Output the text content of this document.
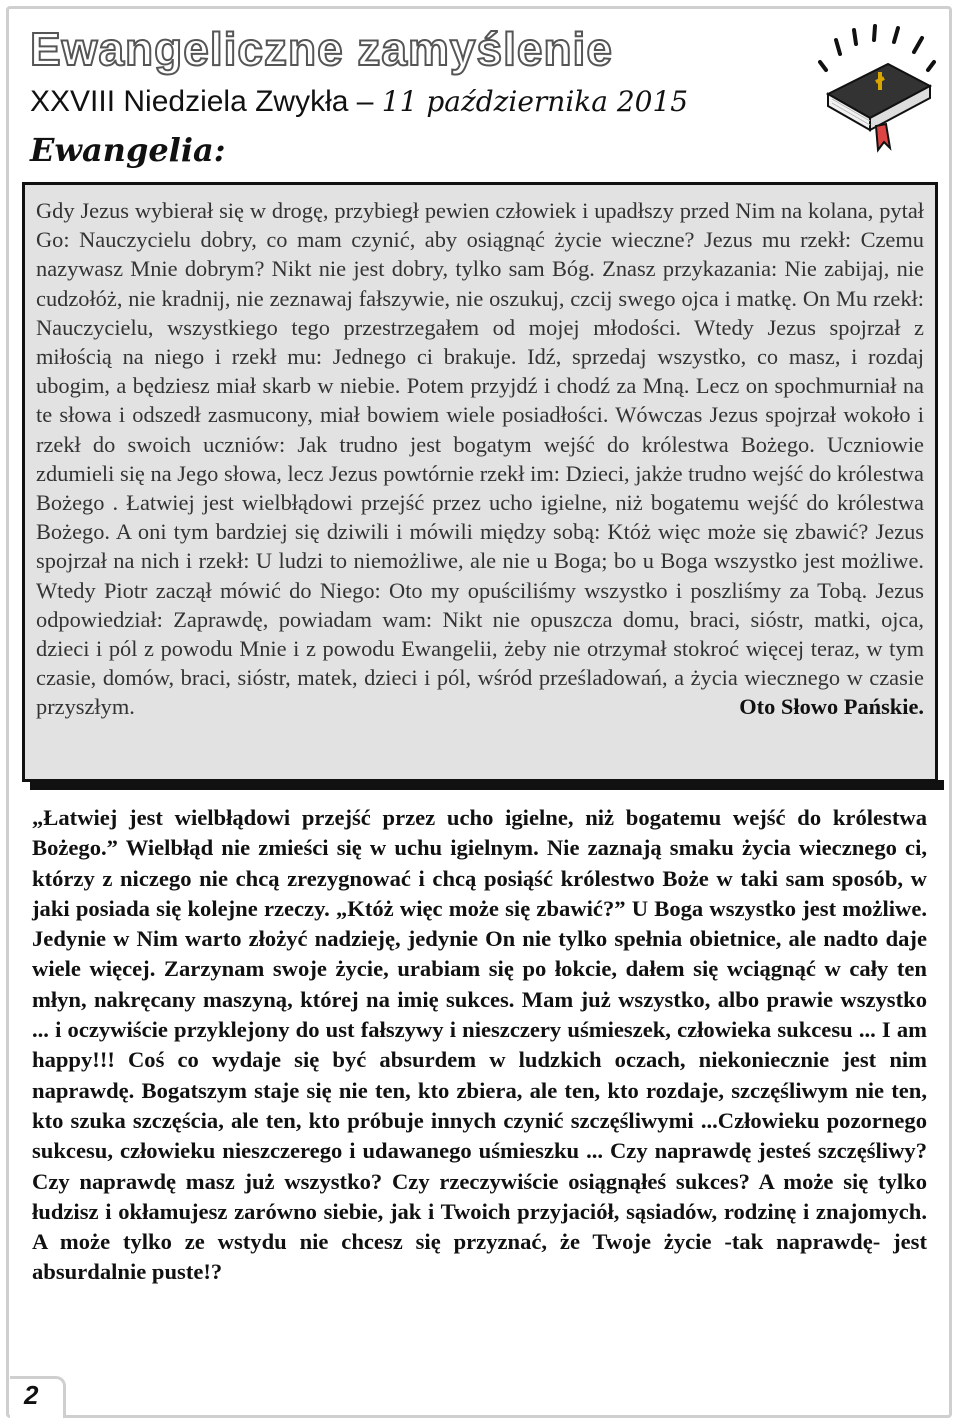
Ewangeliczne zamyślenie
XXVIII Niedziela Zwykła – 11 października 2015
Ewangelia:

Gdy Jezus wybierał się w drogę, przybiegł pewien człowiek i upadłszy przed Nim na kolana, pytał Go: Nauczycielu dobry, co mam czynić, aby osiągnąć życie wieczne? Jezus mu rzekł: Czemu nazywasz Mnie dobrym? Nikt nie jest dobry, tylko sam Bóg. Znasz przykazania: Nie zabijaj, nie cudzołóż, nie kradnij, nie zeznawaj fałszywie, nie oszukuj, czcij swego ojca i matkę. On Mu rzekł: Nauczycielu, wszystkiego tego przestrzegałem od mojej młodości. Wtedy Jezus spojrzał z miłością na niego i rzekł mu: Jednego ci brakuje. Idź, sprzedaj wszystko, co masz, i rozdaj ubogim, a będziesz miał skarb w niebie. Potem przyjdź i chodź za Mną. Lecz on spochmurniał na te słowa i odszedł zasmucony, miał bowiem wiele posiadłości. Wówczas Jezus spojrzał wokoło i rzekł do swoich uczniów: Jak trudno jest bogatym wejść do królestwa Bożego. Uczniowie zdumieli się na Jego słowa, lecz Jezus powtórnie rzekł im: Dzieci, jakże trudno wejść do królestwa Bożego . Łatwiej jest wielbłądowi przejść przez ucho igielne, niż bogatemu wejść do królestwa Bożego. A oni tym bardziej się dziwili i mówili między sobą: Któż więc może się zbawić? Jezus spojrzał na nich i rzekł: U ludzi to niemożliwe, ale nie u Boga; bo u Boga wszystko jest możliwe. Wtedy Piotr zaczął mówić do Niego: Oto my opuściliśmy wszystko i poszliśmy za Tobą. Jezus odpowiedział: Zaprawdę, powiadam wam: Nikt nie opuszcza domu, braci, sióstr, matki, ojca, dzieci i pól z powodu Mnie i z powodu Ewangelii, żeby nie otrzymał stokroć więcej teraz, w tym czasie, domów, braci, sióstr, matek, dzieci i pól, wśród prześladowań, a życia wiecznego w czasie przyszłym.	Oto Słowo Pańskie.

„Łatwiej jest wielbłądowi przejść przez ucho igielne, niż bogatemu wejść do królestwa Bożego.” Wielbłąd nie zmieści się w uchu igielnym. Nie zaznają smaku życia wiecznego ci, którzy z niczego nie chcą zrezygnować i chcą posiąść królestwo Boże w taki sam sposób, w jaki posiada się kolejne rzeczy. „Któż więc może się zbawić?” U Boga wszystko jest możliwe. Jedynie w Nim warto złożyć nadzieję, jedynie On nie tylko spełnia obietnice, ale nadto daje wiele więcej. Zarzynam swoje życie, urabiam się po łokcie, dałem się wciągnąć w cały ten młyn, nakręcany maszyną, której na imię sukces. Mam już wszystko, albo prawie wszystko ... i oczywiście przyklejony do ust fałszywy i nieszczery uśmieszek, człowieka sukcesu ... I am happy!!! Coś co wydaje się być absurdem w ludzkich oczach, niekoniecznie jest nim naprawdę. Bogatszym staje się nie ten, kto zbiera, ale ten, kto rozdaje, szczęśliwym nie ten, kto szuka szczęścia, ale ten, kto próbuje innych czynić szczęśliwymi ...Człowieku pozornego sukcesu, człowieku nieszczerego i udawanego uśmieszku ... Czy naprawdę jesteś szczęśliwy? Czy naprawdę masz już wszystko? Czy rzeczywiście osiągnąłeś sukces? A może się tylko łudzisz i okłamujesz zarówno siebie, jak i Twoich przyjaciół, sąsiadów, rodzinę i znajomych. A może tylko ze wstydu nie chcesz się przyznać, że Twoje życie -tak naprawdę- jest absurdalnie puste!?

2
